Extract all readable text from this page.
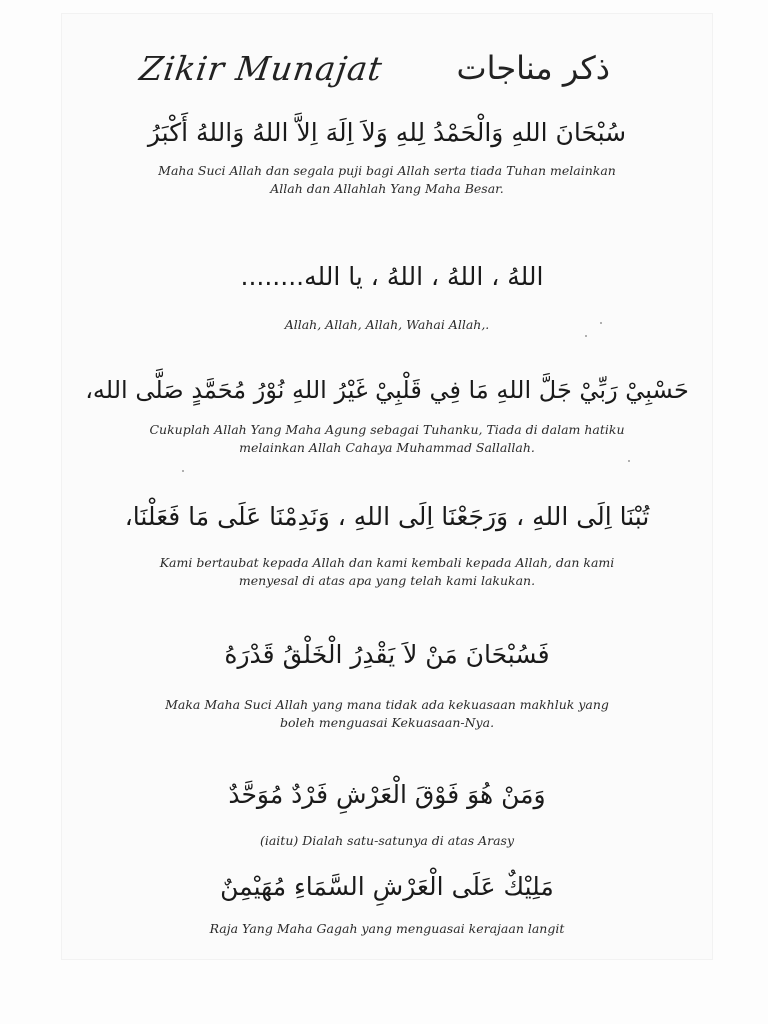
Zikir Munajat ذكر مناجات
سُبْحَانَ اللهِ وَالْحَمْدُ لِلهِ وَلاَ اِلَهَ اِلاَّ اللهُ وَاللهُ أَكْبَرُ
Maha Suci Allah dan segala puji bagi Allah serta tiada Tuhan melainkan
Allah dan Allahlah Yang Maha Besar.
اللهُ ، اللهُ ، اللهُ ، يا الله........
Allah, Allah, Allah, Wahai Allah,.
حَسْبِيْ رَبِّيْ جَلَّ اللهِ مَا فِي قَلْبِيْ غَيْرُ اللهِ نُوْرُ مُحَمَّدٍ صَلَّى الله،
Cukuplah Allah Yang Maha Agung sebagai Tuhanku, Tiada di dalam hatiku
melainkan Allah Cahaya Muhammad Sallallah.
تُبْنَا اِلَى اللهِ ، وَرَجَعْنَا اِلَى اللهِ ، وَنَدِمْنَا عَلَى مَا فَعَلْنَا،
Kami bertaubat kepada Allah dan kami kembali kepada Allah, dan kami
menyesal di atas apa yang telah kami lakukan.
فَسُبْحَانَ مَنْ لاَ يَقْدِرُ الْخَلْقُ قَدْرَهُ
Maka Maha Suci Allah yang mana tidak ada kekuasaan makhluk yang
boleh menguasai Kekuasaan-Nya.
وَمَنْ هُوَ فَوْقَ الْعَرْشِ فَرْدٌ مُوَحَّدٌ
(iaitu) Dialah satu-satunya di atas Arasy
مَلِيْكٌ عَلَى الْعَرْشِ السَّمَاءِ مُهَيْمِنٌ
Raja Yang Maha Gagah yang menguasai kerajaan langit
